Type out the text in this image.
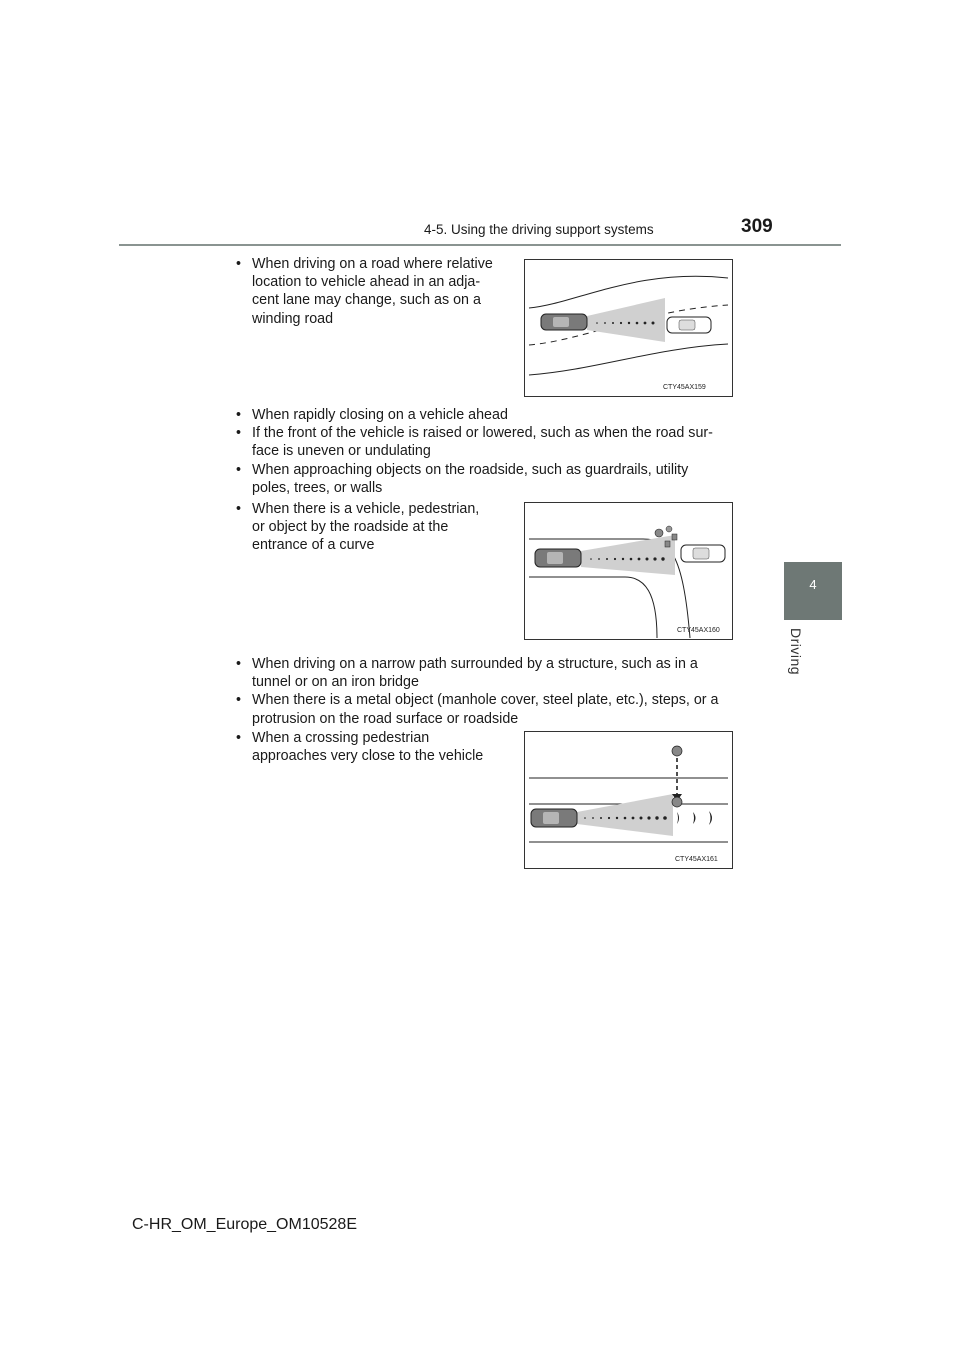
4-5. Using the driving support systems	309
4
Driving

• When driving on a road where relative
location to vehicle ahead in an adja-
cent lane may change, such as on a
winding road

CTY45AX159

• When rapidly closing on a vehicle ahead

• If the front of the vehicle is raised or lowered, such as when the road sur-
face is uneven or undulating

• When approaching objects on the roadside, such as guardrails, utility
poles, trees, or walls

• When there is a vehicle, pedestrian,
or object by the roadside at the
entrance of a curve

CTY45AX160

• When driving on a narrow path surrounded by a structure, such as in a
tunnel or on an iron bridge

• When there is a metal object (manhole cover, steel plate, etc.), steps, or a
protrusion on the road surface or roadside

• When a crossing pedestrian
approaches very close to the vehicle

CTY45AX161
C-HR_OM_Europe_OM10528E
